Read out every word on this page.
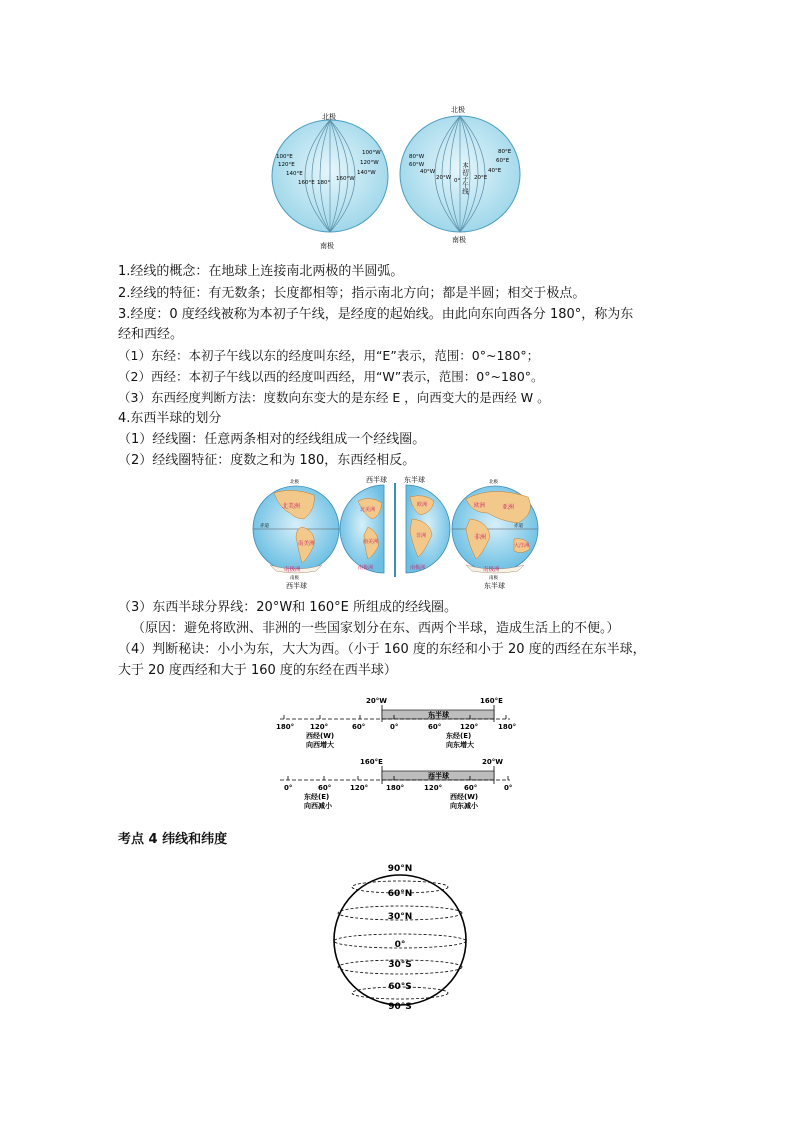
北极
南极
100°E
120°E
140°E
160°E 180°
160°W
140°W
120°W
100°W
北极
南极
80°W
60°W
40°W
20°W 0°	20°E
40°E
60°E
80°E
本初子午线
1.经线的概念：在地球上连接南北两极的半圆弧。
2.经线的特征：有无数条；长度都相等；指示南北方向；都是半圆；相交于极点。
3.经度：0 度经线被称为本初子午线，是经度的起始线。由此向东向西各分 180°，称为东
经和西经。
（1）东经：本初子午线以东的经度叫东经，用“E”表示，范围：0°~180°；
（2）西经：本初子午线以西的经度叫西经，用“W”表示，范围：0°~180°。
（3）东西经度判断方法：度数向东变大的是东经 E ，向西变大的是西经 W 。
4.东西半球的划分
（1）经线圈：任意两条相对的经线组成一个经线圈。
（2）经线圈特征：度数之和为 180，东西经相反。
西半球 东半球
北极
赤道
北美洲
南美洲
南极洲
南极
北美洲
南美洲
南极洲
欧洲
非洲
南极洲
北极
赤道
欧洲	亚洲
非洲
大洋洲
南极洲
南极
西半球	东半球
（3）东西半球分界线：20°W和 160°E 所组成的经线圈。
（原因：避免将欧洲、非洲的一些国家划分在东、西两个半球，造成生活上的不便。）
（4）判断秘诀：小小为东，大大为西。（小于 160 度的东经和小于 20 度的西经在东半球，
大于 20 度西经和大于 160 度的东经在西半球）
20°W	160°E
东半球
180° 120°	60°	0°	60°	120°	180°
西经(W)
向西增大
东经(E)
向东增大
160°E	20°W
西半球
0°	60°	120°	180°	120°	60°	0°
东经(E)
向西减小
西经(W)
向东减小
考点 4 纬线和纬度
90°N
60°N
30°N
0°
30°S
60°S
90°S
